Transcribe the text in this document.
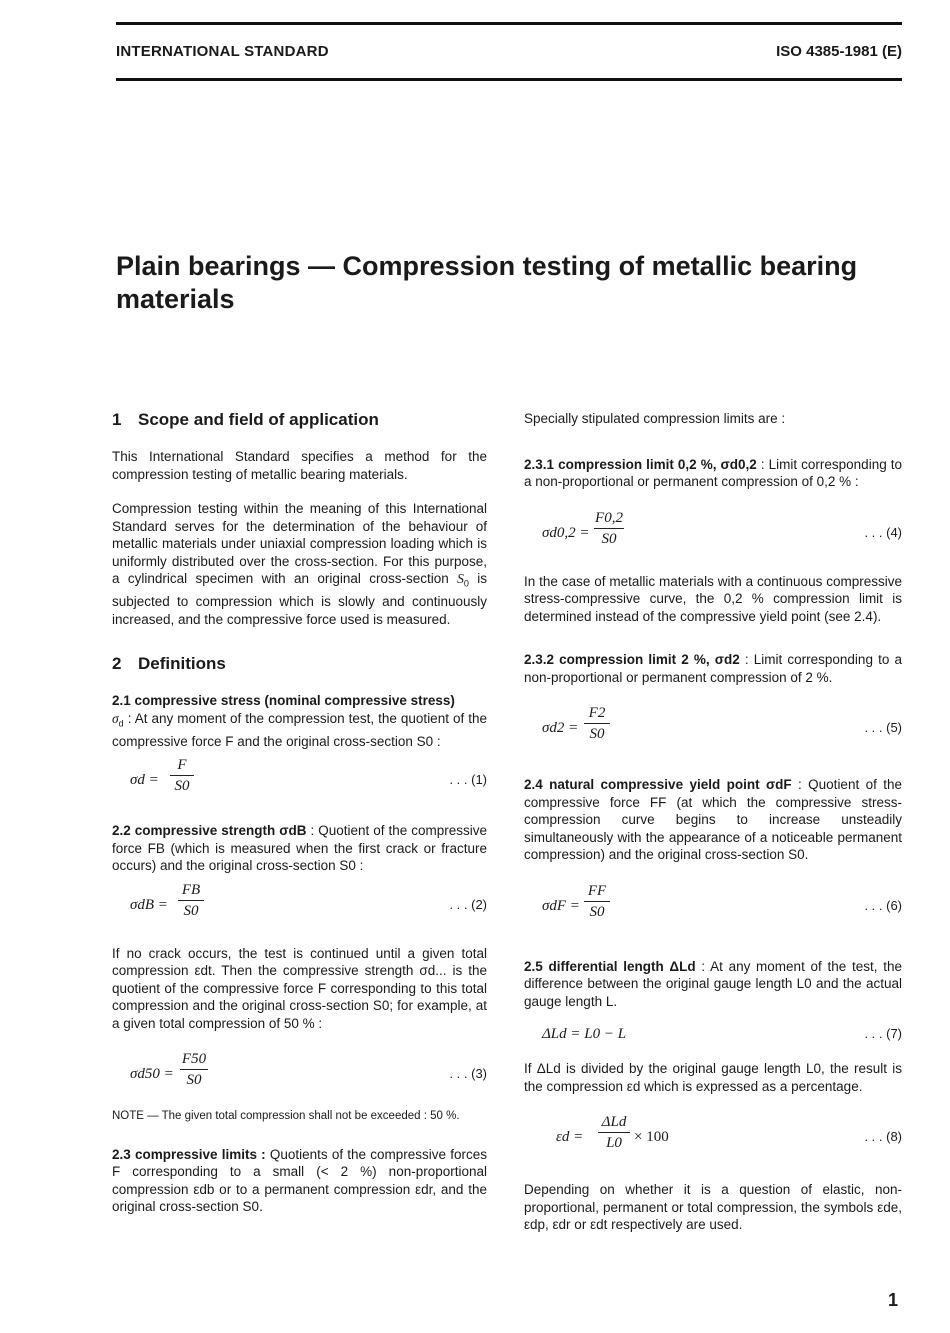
INTERNATIONAL STANDARD	ISO 4385-1981 (E)
Plain bearings — Compression testing of metallic bearing materials
1 Scope and field of application

This International Standard specifies a method for the compression testing of metallic bearing materials.

Compression testing within the meaning of this International Standard serves for the determination of the behaviour of metallic materials under uniaxial compression loading which is uniformly distributed over the cross-section. For this purpose, a cylindrical specimen with an original cross-section $S_0$ is subjected to compression which is slowly and continuously increased, and the compressive force used is measured.

2 Definitions

2.1 compressive stress (nominal compressive stress)
$\sigma_d$ : At any moment of the compression test, the quotient of the compressive force F and the original cross-section S0 :

σd =
F
S0	. . . (1)

2.2 compressive strength σdB : Quotient of the compressive force FB (which is measured when the first crack or fracture occurs) and the original cross-section S0 :

σdB =
FB
S0	. . . (2)

If no crack occurs, the test is continued until a given total compression εdt. Then the compressive strength σd... is the quotient of the compressive force F corresponding to this total compression and the original cross-section S0; for example, at a given total compression of 50 % :

σd50 =
F50
S0	. . . (3)

NOTE — The given total compression shall not be exceeded : 50 %.

2.3 compressive limits : Quotients of the compressive forces F corresponding to a small (< 2 %) non-proportional compression εdb or to a permanent compression εdr, and the original cross-section S0.

Specially stipulated compression limits are :

2.3.1 compression limit 0,2 %, σd0,2 : Limit corresponding to a non-proportional or permanent compression of 0,2 % :

σd0,2 =
F0,2
S0	. . . (4)

In the case of metallic materials with a continuous compressive stress-compressive curve, the 0,2 % compression limit is determined instead of the compressive yield point (see 2.4).

2.3.2 compression limit 2 %, σd2 : Limit corresponding to a non-proportional or permanent compression of 2 %.

σd2 =
F2
S0	. . . (5)

2.4 natural compressive yield point σdF : Quotient of the compressive force FF (at which the compressive stress-compression curve begins to increase unsteadily simultaneously with the appearance of a noticeable permanent compression) and the original cross-section S0.

σdF =
FF
S0	. . . (6)

2.5 differential length ΔLd : At any moment of the test, the difference between the original gauge length L0 and the actual gauge length L.

ΔLd = L0 − L	. . . (7)

If ΔLd is divided by the original gauge length L0, the result is the compression εd which is expressed as a percentage.

εd =
ΔLd
L0 × 100	. . . (8)

Depending on whether it is a question of elastic, non-proportional, permanent or total compression, the symbols εde, εdp, εdr or εdt respectively are used.

1
